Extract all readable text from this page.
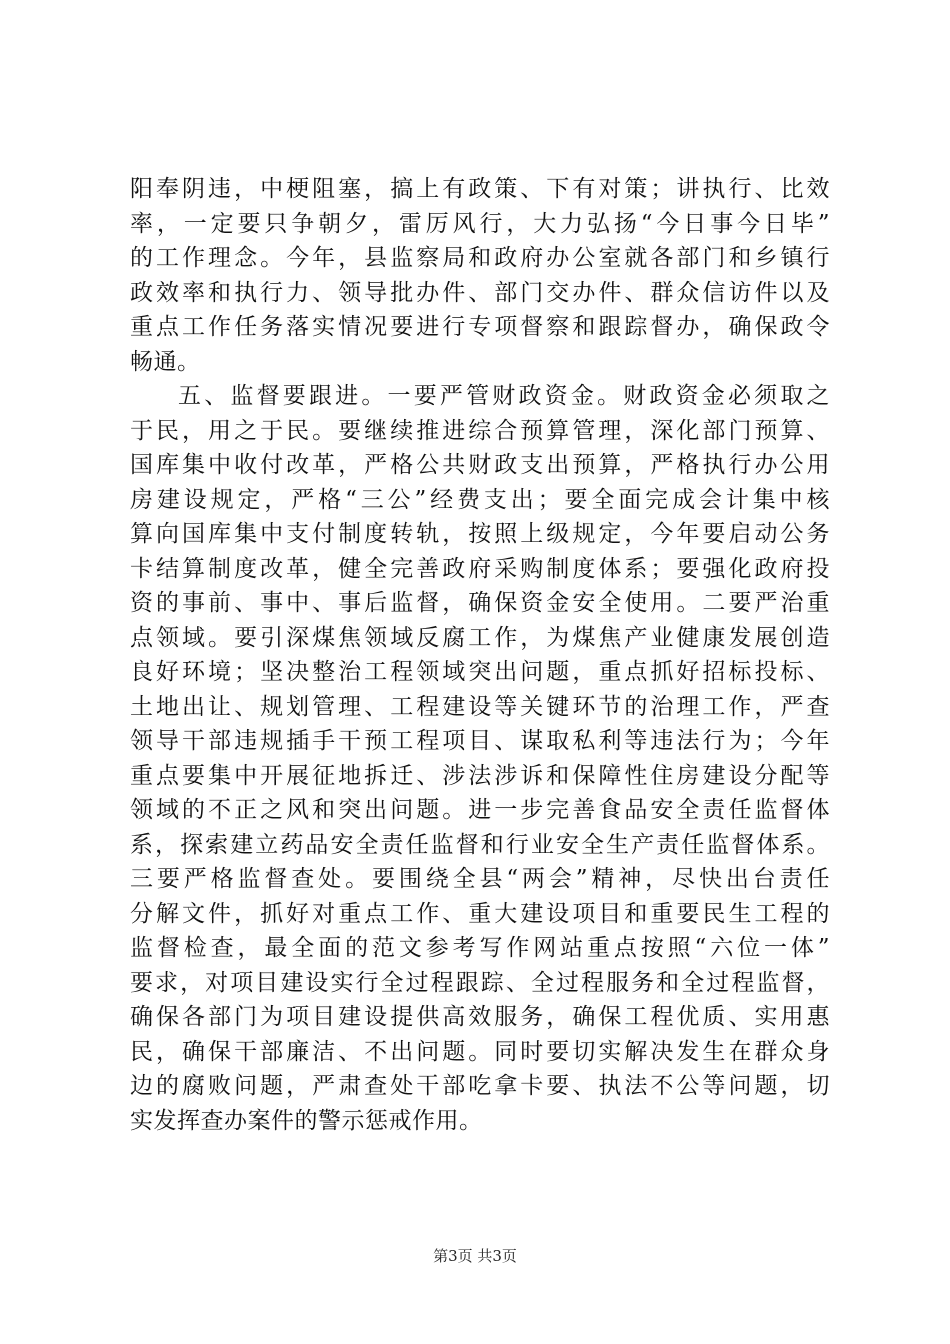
阳奉阴违，中梗阻塞，搞上有政策、下有对策；讲执行、比效
率，一定要只争朝夕，雷厉风行，大力弘扬“今日事今日毕”
的工作理念。今年，县监察局和政府办公室就各部门和乡镇行
政效率和执行力、领导批办件、部门交办件、群众信访件以及
重点工作任务落实情况要进行专项督察和跟踪督办，确保政令
畅通。
五、监督要跟进。一要严管财政资金。财政资金必须取之
于民，用之于民。要继续推进综合预算管理，深化部门预算、
国库集中收付改革，严格公共财政支出预算，严格执行办公用
房建设规定，严格“三公”经费支出；要全面完成会计集中核
算向国库集中支付制度转轨，按照上级规定，今年要启动公务
卡结算制度改革，健全完善政府采购制度体系；要强化政府投
资的事前、事中、事后监督，确保资金安全使用。二要严治重
点领域。要引深煤焦领域反腐工作，为煤焦产业健康发展创造
良好环境；坚决整治工程领域突出问题，重点抓好招标投标、
土地出让、规划管理、工程建设等关键环节的治理工作，严查
领导干部违规插手干预工程项目、谋取私利等违法行为；今年
重点要集中开展征地拆迁、涉法涉诉和保障性住房建设分配等
领域的不正之风和突出问题。进一步完善食品安全责任监督体
系，探索建立药品安全责任监督和行业安全生产责任监督体系。
三要严格监督查处。要围绕全县“两会”精神，尽快出台责任
分解文件，抓好对重点工作、重大建设项目和重要民生工程的
监督检查，最全面的范文参考写作网站重点按照“六位一体”
要求，对项目建设实行全过程跟踪、全过程服务和全过程监督，
确保各部门为项目建设提供高效服务，确保工程优质、实用惠
民，确保干部廉洁、不出问题。同时要切实解决发生在群众身
边的腐败问题，严肃查处干部吃拿卡要、执法不公等问题，切
实发挥查办案件的警示惩戒作用。
第3页 共3页
